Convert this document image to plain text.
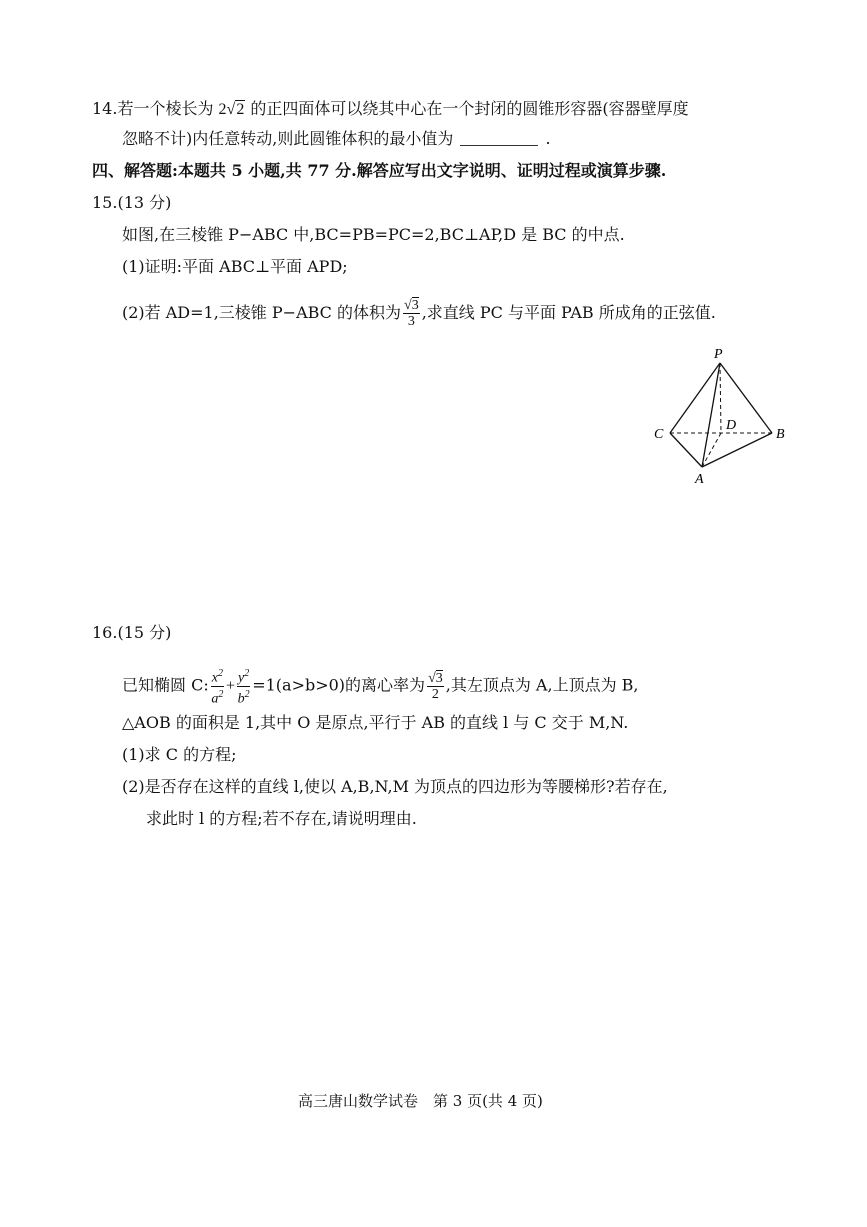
14.若一个棱长为 2√2 的正四面体可以绕其中心在一个封闭的圆锥形容器(容器壁厚度
忽略不计)内任意转动,则此圆锥体积的最小值为	.
四、解答题:本题共 5 小题,共 77 分.解答应写出文字说明、证明过程或演算步骤.
15.(13 分)
如图,在三棱锥 P−ABC 中,BC=PB=PC=2,BC⊥AP,D 是 BC 的中点.
(1)证明:平面 ABC⊥平面 APD;
(2)若 AD=1,三棱锥 P−ABC 的体积为 $\frac{√3}{3}$ ,求直线 PC 与平面 PAB 所成角的正弦值.
P
C
D
B
A
16.(15 分)
已知椭圆 C: $\frac{x^2}{a^2} + \frac{y^2}{b^2} =1(a>b>0)$的离心率为 $\frac{√3}{2}$ ,其左顶点为 A,上顶点为 B,
△AOB 的面积是 1,其中 O 是原点,平行于 AB 的直线 l 与 C 交于 M,N.
(1)求 C 的方程;
(2)是否存在这样的直线 l,使以 A,B,N,M 为顶点的四边形为等腰梯形?若存在,
求此时 l 的方程;若不存在,请说明理由.
高三唐山数学试卷　第 3 页(共 4 页)
